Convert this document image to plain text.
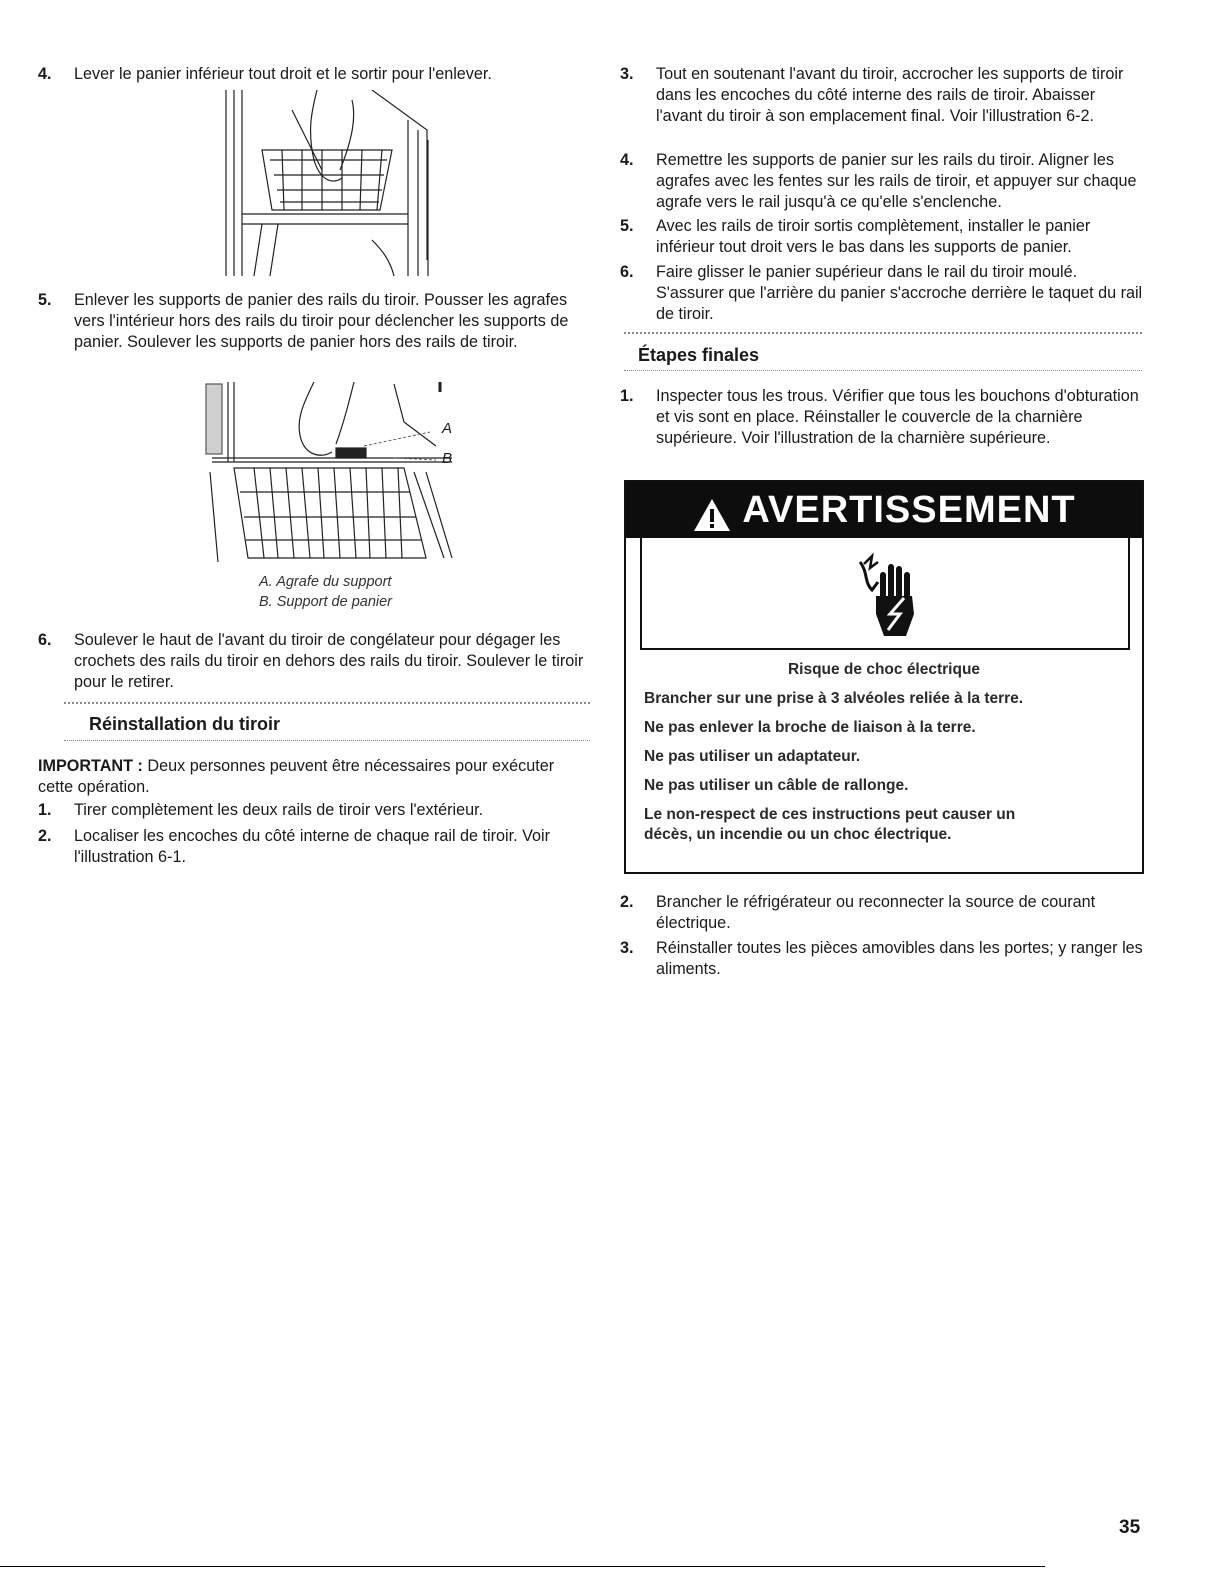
4. Lever le panier inférieur tout droit et le sortir pour l'enlever.
5. Enlever les supports de panier des rails du tiroir. Pousser les agrafes vers l'intérieur hors des rails du tiroir pour déclencher les supports de panier. Soulever les supports de panier hors des rails de tiroir.
A
B
A. Agrafe du support
B. Support de panier
6. Soulever le haut de l'avant du tiroir de congélateur pour dégager les crochets des rails du tiroir en dehors des rails du tiroir. Soulever le tiroir pour le retirer.
Réinstallation du tiroir
IMPORTANT : Deux personnes peuvent être nécessaires pour exécuter cette opération.
1. Tirer complètement les deux rails de tiroir vers l'extérieur.
2. Localiser les encoches du côté interne de chaque rail de tiroir. Voir l'illustration 6-1.
3. Tout en soutenant l'avant du tiroir, accrocher les supports de tiroir dans les encoches du côté interne des rails de tiroir. Abaisser l'avant du tiroir à son emplacement final. Voir l'illustration 6-2.
4. Remettre les supports de panier sur les rails du tiroir. Aligner les agrafes avec les fentes sur les rails de tiroir, et appuyer sur chaque agrafe vers le rail jusqu'à ce qu'elle s'enclenche.
5. Avec les rails de tiroir sortis complètement, installer le panier inférieur tout droit vers le bas dans les supports de panier.
6. Faire glisser le panier supérieur dans le rail du tiroir moulé. S'assurer que l'arrière du panier s'accroche derrière le taquet du rail de tiroir.
Étapes finales
1. Inspecter tous les trous. Vérifier que tous les bouchons d'obturation et vis sont en place. Réinstaller le couvercle de la charnière supérieure. Voir l'illustration de la charnière supérieure.
AVERTISSEMENT
Risque de choc électrique
Brancher sur une prise à 3 alvéoles reliée à la terre.
Ne pas enlever la broche de liaison à la terre.
Ne pas utiliser un adaptateur.
Ne pas utiliser un câble de rallonge.
Le non-respect de ces instructions peut causer un décès, un incendie ou un choc électrique.
2. Brancher le réfrigérateur ou reconnecter la source de courant électrique.
3. Réinstaller toutes les pièces amovibles dans les portes; y ranger les aliments.
35
